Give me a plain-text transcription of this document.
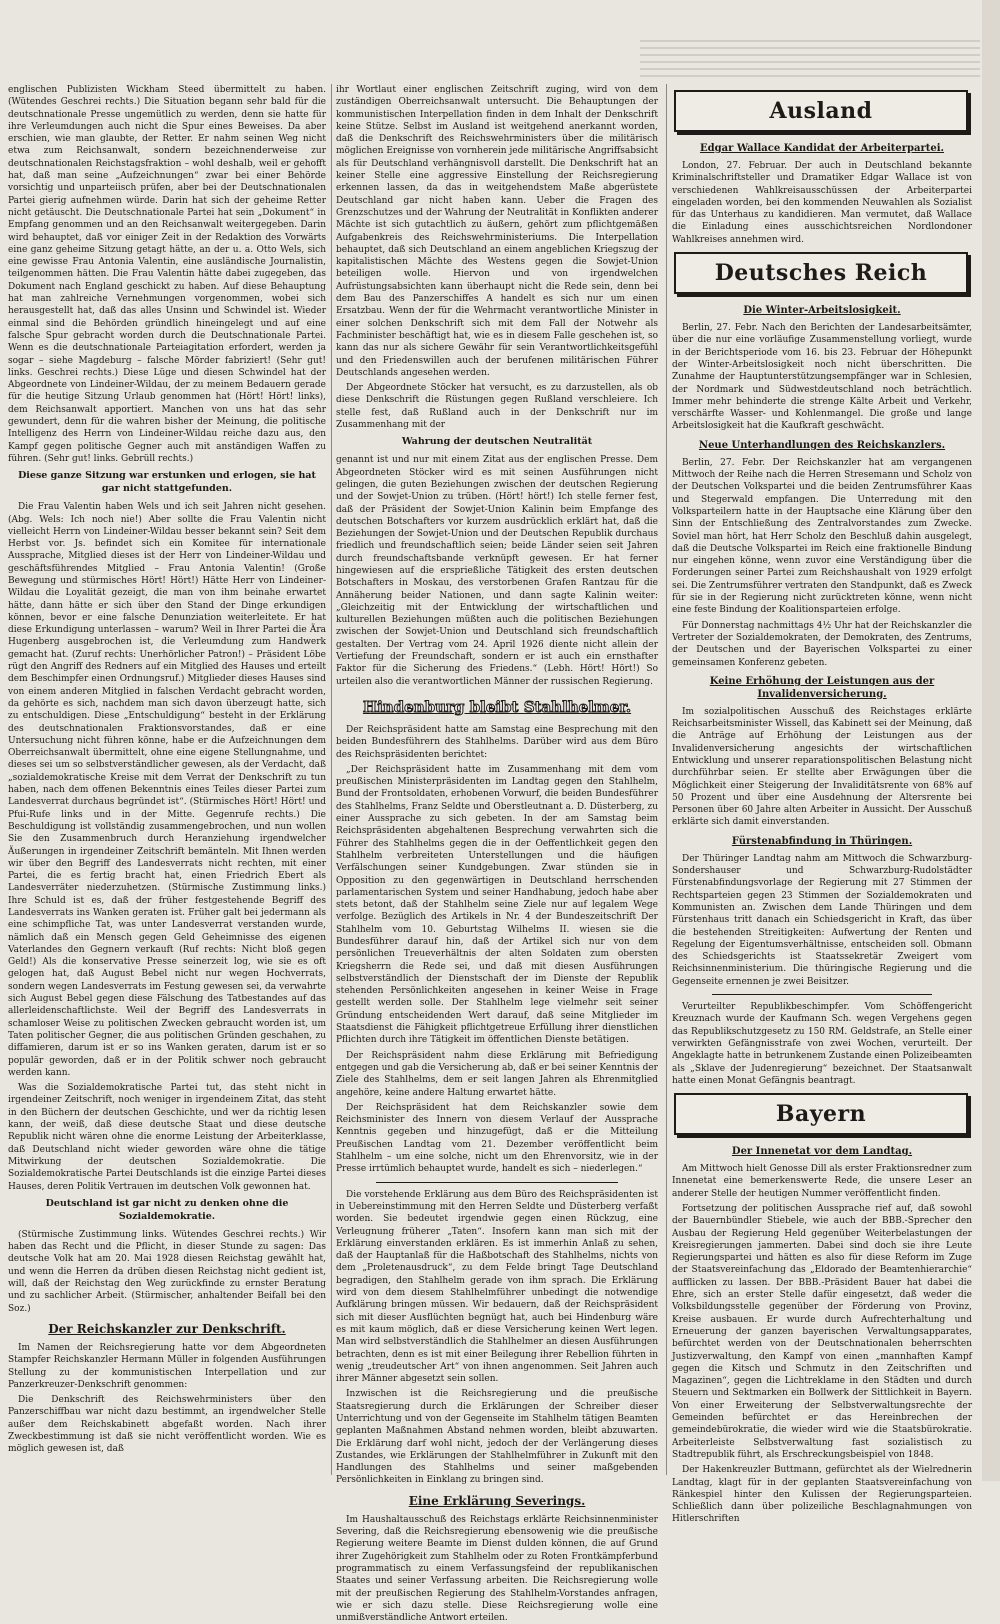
englischen Publizisten Wickham Steed übermittelt zu haben. (Wütendes Geschrei rechts.) Die Situation begann sehr bald für die deutschnationale Presse ungemütlich zu werden, denn sie hatte für ihre Verleumdungen auch nicht die Spur eines Beweises. Da aber erschien, wie man glaubte, der Retter. Er nahm seinen Weg nicht etwa zum Reichsanwalt, sondern bezeichnenderweise zur deutschnationalen Reichstagsfraktion – wohl deshalb, weil er gehofft hat, daß man seine „Aufzeichnungen“ zwar bei einer Behörde vorsichtig und unparteiisch prüfen, aber bei der Deutschnationalen Partei gierig aufnehmen würde. Darin hat sich der geheime Retter nicht getäuscht. Die Deutschnationale Partei hat sein „Dokument“ in Empfang genommen und an den Reichsanwalt weitergegeben. Darin wird behauptet, daß vor einiger Zeit in der Redaktion des Vorwärts eine ganz geheime Sitzung getagt hätte, an der u. a. Otto Wels, sich eine gewisse Frau Antonia Valentin, eine ausländische Journalistin, teilgenommen hätten. Die Frau Valentin hätte dabei zugegeben, das Dokument nach England geschickt zu haben. Auf diese Behauptung hat man zahlreiche Vernehmungen vorgenommen, wobei sich herausgestellt hat, daß das alles Unsinn und Schwindel ist. Wieder einmal sind die Behörden gründlich hineingelegt und auf eine falsche Spur gebracht worden durch die Deutschnationale Partei. Wenn es die deutschnationale Parteiagitation erfordert, werden ja sogar – siehe Magdeburg – falsche Mörder fabriziert! (Sehr gut! links. Geschrei rechts.) Diese Lüge und diesen Schwindel hat der Abgeordnete von Lindeiner-Wildau, der zu meinem Bedauern gerade für die heutige Sitzung Urlaub genommen hat (Hört! Hört! links), dem Reichsanwalt apportiert. Manchen von uns hat das sehr gewundert, denn für die wahren bisher der Meinung, die politische Intelligenz des Herrn von Lindeiner-Wildau reiche dazu aus, den Kampf gegen politische Gegner auch mit anständigen Waffen zu führen. (Sehr gut! links. Gebrüll rechts.)

Diese ganze Sitzung war erstunken und erlogen, sie hat gar nicht stattgefunden.

Die Frau Valentin haben Wels und ich seit Jahren nicht gesehen. (Abg. Wels: Ich noch nie!) Aber sollte die Frau Valentin nicht vielleicht Herrn von Lindeiner-Wildau besser bekannt sein? Seit dem Herbst vor. Js. befindet sich ein Komitee für internationale Aussprache, Mitglied dieses ist der Herr von Lindeiner-Wildau und geschäftsführendes Mitglied – Frau Antonia Valentin! (Große Bewegung und stürmisches Hört! Hört!) Hätte Herr von Lindeiner-Wildau die Loyalität gezeigt, die man von ihm beinahe erwartet hätte, dann hätte er sich über den Stand der Dinge erkundigen können, bevor er eine falsche Denunziation weiterleitete. Er hat diese Erkundigung unterlassen – warum? Weil in Ihrer Partei die Ära Hugenberg ausgebrochen ist, die Verleumdung zum Handwerk gemacht hat. (Zuruf rechts: Unerhörlicher Patron!) – Präsident Löbe rügt den Angriff des Redners auf ein Mitglied des Hauses und erteilt dem Beschimpfer einen Ordnungsruf.) Mitglieder dieses Hauses sind von einem anderen Mitglied in falschen Verdacht gebracht worden, da gehörte es sich, nachdem man sich davon überzeugt hatte, sich zu entschuldigen. Diese „Entschuldigung“ besteht in der Erklärung des deutschnationalen Fraktionsvorstandes, daß er eine Untersuchung nicht führen könne, habe er die Aufzeichnungen dem Oberreichsanwalt übermittelt, ohne eine eigene Stellungnahme, und dieses sei um so selbstverständlicher gewesen, als der Verdacht, daß „sozialdemokratische Kreise mit dem Verrat der Denkschrift zu tun haben, nach dem offenen Bekenntnis eines Teiles dieser Partei zum Landesverrat durchaus begründet ist“. (Stürmisches Hört! Hört! und Pfui-Rufe links und in der Mitte. Gegenrufe rechts.) Die Beschuldigung ist vollständig zusammengebrochen, und nun wollen Sie den Zusammenbruch durch Heranziehung irgendwelcher Äußerungen in irgendeiner Zeitschrift bemänteln. Mit Ihnen werden wir über den Begriff des Landesverrats nicht rechten, mit einer Partei, die es fertig bracht hat, einen Friedrich Ebert als Landesverräter niederzuhetzen. (Stürmische Zustimmung links.) Ihre Schuld ist es, daß der früher festgestehende Begriff des Landesverrats ins Wanken geraten ist. Früher galt bei jedermann als eine schimpfliche Tat, was unter Landesverrat verstanden wurde, nämlich daß ein Mensch gegen Geld Geheimnisse des eigenen Vaterlandes den Gegnern verkauft (Ruf rechts: Nicht bloß gegen Geld!) Als die konservative Presse seinerzeit log, wie sie es oft gelogen hat, daß August Bebel nicht nur wegen Hochverrats, sondern wegen Landesverrats im Festung gewesen sei, da verwahrte sich August Bebel gegen diese Fälschung des Tatbestandes auf das allerleidenschaftlichste. Weil der Begriff des Landesverrats in schamloser Weise zu politischen Zwecken gebraucht worden ist, um Taten politischer Gegner, die aus politischen Gründen geschahen, zu diffamieren, darum ist er so ins Wanken geraten, darum ist er so populär geworden, daß er in der Politik schwer noch gebraucht werden kann.

Was die Sozialdemokratische Partei tut, das steht nicht in irgendeiner Zeitschrift, noch weniger in irgendeinem Zitat, das steht in den Büchern der deutschen Geschichte, und wer da richtig lesen kann, der weiß, daß diese deutsche Staat und diese deutsche Republik nicht wären ohne die enorme Leistung der Arbeiterklasse, daß Deutschland nicht wieder geworden wäre ohne die tätige Mitwirkung der deutschen Sozialdemokratie. Die Sozialdemokratische Partei Deutschlands ist die einzige Partei dieses Hauses, deren Politik Vertrauen im deutschen Volk gewonnen hat.

Deutschland ist gar nicht zu denken ohne die Sozialdemokratie.

(Stürmische Zustimmung links. Wütendes Geschrei rechts.) Wir haben das Recht und die Pflicht, in dieser Stunde zu sagen: Das deutsche Volk hat am 20. Mai 1928 diesen Reichstag gewählt hat, und wenn die Herren da drüben diesen Reichstag nicht gedient ist, will, daß der Reichstag den Weg zurückfinde zu ernster Beratung und zu sachlicher Arbeit. (Stürmischer, anhaltender Beifall bei den Soz.)

Der Reichskanzler zur Denkschrift.

Im Namen der Reichsregierung hatte vor dem Abgeordneten Stampfer Reichskanzler Hermann Müller in folgenden Ausführungen Stellung zu der kommunistischen Interpellation und zur Panzerkreuzer-Denkschrift genommen:

Die Denkschrift des Reichswehrministers über den Panzerschiffbau war nicht dazu bestimmt, an irgendwelcher Stelle außer dem Reichskabinett abgefaßt worden. Nach ihrer Zweckbestimmung ist daß sie nicht veröffentlicht worden. Wie es möglich gewesen ist, daß

ihr Wortlaut einer englischen Zeitschrift zuging, wird von dem zuständigen Oberreichsanwalt untersucht. Die Behauptungen der kommunistischen Interpellation finden in dem Inhalt der Denkschrift keine Stütze. Selbst im Ausland ist weitgehend anerkannt worden, daß die Denkschrift des Reichswehrministers über die militärisch möglichen Ereignisse von vornherein jede militärische Angriffsabsicht als für Deutschland verhängnisvoll darstellt. Die Denkschrift hat an keiner Stelle eine aggressive Einstellung der Reichsregierung erkennen lassen, da das in weitgehendstem Maße abgerüstete Deutschland gar nicht haben kann. Ueber die Fragen des Grenzschutzes und der Wahrung der Neutralität in Konflikten anderer Mächte ist sich gutachtlich zu äußern, gehört zum pflichtgemäßen Aufgabenkreis des Reichswehrministeriums. Die Interpellation behauptet, daß sich Deutschland an einem angeblichen Kriegszug der kapitalistischen Mächte des Westens gegen die Sowjet-Union beteiligen wolle. Hiervon und von irgendwelchen Aufrüstungsabsichten kann überhaupt nicht die Rede sein, denn bei dem Bau des Panzerschiffes A handelt es sich nur um einen Ersatzbau. Wenn der für die Wehrmacht verantwortliche Minister in einer solchen Denkschrift sich mit dem Fall der Notwehr als Fachminister beschäftigt hat, wie es in diesem Falle geschehen ist, so kann das nur als sichere Gewähr für sein Verantwortlichkeitsgefühl und den Friedenswillen auch der berufenen militärischen Führer Deutschlands angesehen werden.

Der Abgeordnete Stöcker hat versucht, es zu darzustellen, als ob diese Denkschrift die Rüstungen gegen Rußland verschleiere. Ich stelle fest, daß Rußland auch in der Denkschrift nur im Zusammenhang mit der

Wahrung der deutschen Neutralität

genannt ist und nur mit einem Zitat aus der englischen Presse. Dem Abgeordneten Stöcker wird es mit seinen Ausführungen nicht gelingen, die guten Beziehungen zwischen der deutschen Regierung und der Sowjet-Union zu trüben. (Hört! hört!) Ich stelle ferner fest, daß der Präsident der Sowjet-Union Kalinin beim Empfange des deutschen Botschafters vor kurzem ausdrücklich erklärt hat, daß die Beziehungen der Sowjet-Union und der Deutschen Republik durchaus friedlich und freundschaftlich seien; beide Länder seien seit Jahren durch freundschaftsbande verknüpft gewesen. Er hat ferner hingewiesen auf die ersprießliche Tätigkeit des ersten deutschen Botschafters in Moskau, des verstorbenen Grafen Rantzau für die Annäherung beider Nationen, und dann sagte Kalinin weiter: „Gleichzeitig mit der Entwicklung der wirtschaftlichen und kulturellen Beziehungen müßten auch die politischen Beziehungen zwischen der Sowjet-Union und Deutschland sich freundschaftlich gestalten. Der Vertrag vom 24. April 1926 diente nicht allein der Vertiefung der Freundschaft, sondern er ist auch ein ernsthafter Faktor für die Sicherung des Friedens.“ (Lebh. Hört! Hört!) So urteilen also die verantwortlichen Männer der russischen Regierung.

Hindenburg bleibt Stahlhelmer.

Der Reichspräsident hatte am Samstag eine Besprechung mit den beiden Bundesführern des Stahlhelms. Darüber wird aus dem Büro des Reichspräsidenten berichtet:

„Der Reichspräsident hatte im Zusammenhang mit dem vom preußischen Ministerpräsidenten im Landtag gegen den Stahlhelm, Bund der Frontsoldaten, erhobenen Vorwurf, die beiden Bundesführer des Stahlhelms, Franz Seldte und Oberstleutnant a. D. Düsterberg, zu einer Aussprache zu sich gebeten. In der am Samstag beim Reichspräsidenten abgehaltenen Besprechung verwahrten sich die Führer des Stahlhelms gegen die in der Oeffentlichkeit gegen den Stahlhelm verbreiteten Unterstellungen und die häufigen Verfälschungen seiner Kundgebungen. Zwar stünden sie in Opposition zu den gegenwärtigen in Deutschland herrschenden parlamentarischen System und seiner Handhabung, jedoch habe aber stets betont, daß der Stahlhelm seine Ziele nur auf legalem Wege verfolge. Bezüglich des Artikels in Nr. 4 der Bundeszeitschrift Der Stahlhelm vom 10. Geburtstag Wilhelms II. wiesen sie die Bundesführer darauf hin, daß der Artikel sich nur von dem persönlichen Treueverhältnis der alten Soldaten zum obersten Kriegsherrn die Rede sei, und daß mit diesen Ausführungen selbstverständlich der Dienstschaft der im Dienste der Republik stehenden Persönlichkeiten angesehen in keiner Weise in Frage gestellt werden solle. Der Stahlhelm lege vielmehr seit seiner Gründung entscheidenden Wert darauf, daß seine Mitglieder im Staatsdienst die Fähigkeit pflichtgetreue Erfüllung ihrer dienstlichen Pflichten durch ihre Tätigkeit im öffentlichen Dienste betätigen.

Der Reichspräsident nahm diese Erklärung mit Befriedigung entgegen und gab die Versicherung ab, daß er bei seiner Kenntnis der Ziele des Stahlhelms, dem er seit langen Jahren als Ehrenmitglied angehöre, keine andere Haltung erwartet hätte.

Der Reichspräsident hat dem Reichskanzler sowie dem Reichsminister des Innern von diesem Verlauf der Aussprache Kenntnis gegeben und hinzugefügt, daß er die Mitteilung Preußischen Landtag vom 21. Dezember veröffentlicht beim Stahlhelm – um eine solche, nicht um den Ehrenvorsitz, wie in der Presse irrtümlich behauptet wurde, handelt es sich – niederlegen.“

Die vorstehende Erklärung aus dem Büro des Reichspräsidenten ist in Uebereinstimmung mit den Herren Seldte und Düsterberg verfaßt worden. Sie bedeutet irgendwie gegen einen Rückzug, eine Verleugnung früherer „Taten“. Insofern kann man sich mit der Erklärung einverstanden erklären. Es ist immerhin Anlaß zu sehen, daß der Hauptanlaß für die Haßbotschaft des Stahlhelms, nichts von dem „Proletenausdruck“, zu dem Felde bringt Tage Deutschland begradigen, den Stahlhelm gerade von ihm sprach. Die Erklärung wird von dem diesem Stahlhelmführer unbedingt die notwendige Aufklärung bringen müssen. Wir bedauern, daß der Reichspräsident sich mit dieser Ausflüchten begnügt hat, auch bei Hindenburg wäre es mit kaum möglich, daß er diese Versicherung keinen Wert legen. Man wird selbstverständlich die Stahlhelmer an diesen Ausführungen betrachten, denn es ist mit einer Beilegung ihrer Rebellion führten in wenig „treudeutscher Art“ von ihnen angenommen. Seit Jahren auch ihrer Männer abgesetzt sein sollen.

Inzwischen ist die Reichsregierung und die preußische Staatsregierung durch die Erklärungen der Schreiber dieser Unterrichtung und von der Gegenseite im Stahlhelm tätigen Beamten geplanten Maßnahmen Abstand nehmen worden, bleibt abzuwarten. Die Erklärung darf wohl nicht, jedoch der der Verlängerung dieses Zustandes, wie Erklärungen der Stahlhelmführer in Zukunft mit den Handlungen des Stahlhelms und seiner maßgebenden Persönlichkeiten in Einklang zu bringen sind.

Eine Erklärung Severings.

Im Haushaltausschuß des Reichstags erklärte Reichsinnenminister Severing, daß die Reichsregierung ebensowenig wie die preußische Regierung weitere Beamte im Dienst dulden können, die auf Grund ihrer Zugehörigkeit zum Stahlhelm oder zu Roten Frontkämpferbund programmatisch zu einem Verfassungsfeind der republikanischen Staates und seiner Verfassung arbeiten. Die Reichsregierung wolle mit der preußischen Regierung des Stahlhelm-Vorstandes anfragen, wie er sich dazu stelle. Diese Reichsregierung wolle eine unmißverständliche Antwort erteilen.

Ausland
Edgar Wallace Kandidat der Arbeiterpartei.

London, 27. Februar. Der auch in Deutschland bekannte Kriminalschriftsteller und Dramatiker Edgar Wallace ist von verschiedenen Wahlkreisausschüssen der Arbeiterpartei eingeladen worden, bei den kommenden Neuwahlen als Sozialist für das Unterhaus zu kandidieren. Man vermutet, daß Wallace die Einladung eines ausschichtsreichen Nordlondoner Wahlkreises annehmen wird.

Deutsches Reich
Die Winter-Arbeitslosigkeit.

Berlin, 27. Febr. Nach den Berichten der Landesarbeitsämter, über die nur eine vorläufige Zusammenstellung vorliegt, wurde in der Berichtsperiode vom 16. bis 23. Februar der Höhepunkt der Winter-Arbeitslosigkeit noch nicht überschritten. Die Zunahme der Hauptunterstützungsempfänger war in Schlesien, der Nordmark und Südwestdeutschland noch beträchtlich. Immer mehr behinderte die strenge Kälte Arbeit und Verkehr, verschärfte Wasser- und Kohlenmangel. Die große und lange Arbeitslosigkeit hat die Kaufkraft geschwächt.

Neue Unterhandlungen des Reichskanzlers.

Berlin, 27. Febr. Der Reichskanzler hat am vergangenen Mittwoch der Reihe nach die Herren Stresemann und Scholz von der Deutschen Volkspartei und die beiden Zentrumsführer Kaas und Stegerwald empfangen. Die Unterredung mit den Volksparteilern hatte in der Hauptsache eine Klärung über den Sinn der Entschließung des Zentralvorstandes zum Zwecke. Soviel man hört, hat Herr Scholz den Beschluß dahin ausgelegt, daß die Deutsche Volkspartei im Reich eine fraktionelle Bindung nur eingehen könne, wenn zuvor eine Verständigung über die Forderungen seiner Partei zum Reichshaushalt von 1929 erfolgt sei. Die Zentrumsführer vertraten den Standpunkt, daß es Zweck für sie in der Regierung nicht zurücktreten könne, wenn nicht eine feste Bindung der Koalitionsparteien erfolge.

Für Donnerstag nachmittags 4½ Uhr hat der Reichskanzler die Vertreter der Sozialdemokraten, der Demokraten, des Zentrums, der Deutschen und der Bayerischen Volkspartei zu einer gemeinsamen Konferenz gebeten.

Keine Erhöhung der Leistungen aus der Invalidenversicherung.

Im sozialpolitischen Ausschuß des Reichstages erklärte Reichsarbeitsminister Wissell, das Kabinett sei der Meinung, daß die Anträge auf Erhöhung der Leistungen aus der Invalidenversicherung angesichts der wirtschaftlichen Entwicklung und unserer reparationspolitischen Belastung nicht durchführbar seien. Er stellte aber Erwägungen über die Möglichkeit einer Steigerung der Invaliditätsrente von 68% auf 50 Prozent und über eine Ausdehnung der Altersrente bei Personen über 60 Jahre alten Arbeiter in Aussicht. Der Ausschuß erklärte sich damit einverstanden.

Fürstenabfindung in Thüringen.

Der Thüringer Landtag nahm am Mittwoch die Schwarzburg-Sondershauser und Schwarzburg-Rudolstädter Fürstenabfindungsvorlage der Regierung mit 27 Stimmen der Rechtsparteien gegen 23 Stimmen der Sozialdemokraten und Kommunisten an. Zwischen dem Lande Thüringen und dem Fürstenhaus tritt danach ein Schiedsgericht in Kraft, das über die bestehenden Streitigkeiten: Aufwertung der Renten und Regelung der Eigentumsverhältnisse, entscheiden soll. Obmann des Schiedsgerichts ist Staatssekretär Zweigert vom Reichsinnenministerium. Die thüringische Regierung und die Gegenseite ernennen je zwei Beisitzer.

Verurteilter Republikbeschimpfer. Vom Schöffengericht Kreuznach wurde der Kaufmann Sch. wegen Vergehens gegen das Republikschutzgesetz zu 150 RM. Geldstrafe, an Stelle einer verwirkten Gefängnisstrafe von zwei Wochen, verurteilt. Der Angeklagte hatte in betrunkenem Zustande einen Polizeibeamten als „Sklave der Judenregierung“ bezeichnet. Der Staatsanwalt hatte einen Monat Gefängnis beantragt.

Bayern
Der Innenetat vor dem Landtag.

Am Mittwoch hielt Genosse Dill als erster Fraktionsredner zum Innenetat eine bemerkenswerte Rede, die unsere Leser an anderer Stelle der heutigen Nummer veröffentlicht finden.

Fortsetzung der politischen Aussprache rief auf, daß sowohl der Bauernbündler Stiebele, wie auch der BBB.-Sprecher den Ausbau der Regierung Held gegenüber Weiterbelastungen der Kreisregierungen jammerten. Dabei sind doch sie ihre Leute Regierungspartei und hätten es also für diese Reform im Zuge der Staatsvereinfachung das „Eldorado der Beamtenhierarchie“ aufflicken zu lassen. Der BBB.-Präsident Bauer hat dabei die Ehre, sich an erster Stelle dafür eingesetzt, daß weder die Volksbildungsstelle gegenüber der Förderung von Provinz, Kreise ausbauen. Er wurde durch Aufrechterhaltung und Erneuerung der ganzen bayerischen Verwaltungsapparates, befürchtet werden von der Deutschnationalen beherrschten Justizverwaltung, den Kampf von einen „mannhaften Kampf gegen die Kitsch und Schmutz in den Zeitschriften und Magazinen“, gegen die Lichtreklame in den Städten und durch Steuern und Sektmarken ein Bollwerk der Sittlichkeit in Bayern. Von einer Erweiterung der Selbstverwaltungsrechte der Gemeinden befürchtet er das Hereinbrechen der gemeindebürokratie, die wieder wird wie die Staatsbürokratie. Arbeiterleiste Selbstverwaltung fast sozialistisch zu Stadtrepublik führt, als Erschreckungsbeispiel von 1848.

Der Hakenkreuzler Buttmann, gefürchtet als der Wielrednerin Landtag, klagt für in der geplanten Staatsvereinfachung von Ränkespiel hinter den Kulissen der Regierungsparteien. Schließlich dann über polizeiliche Beschlagnahmungen von Hitlerschriften
